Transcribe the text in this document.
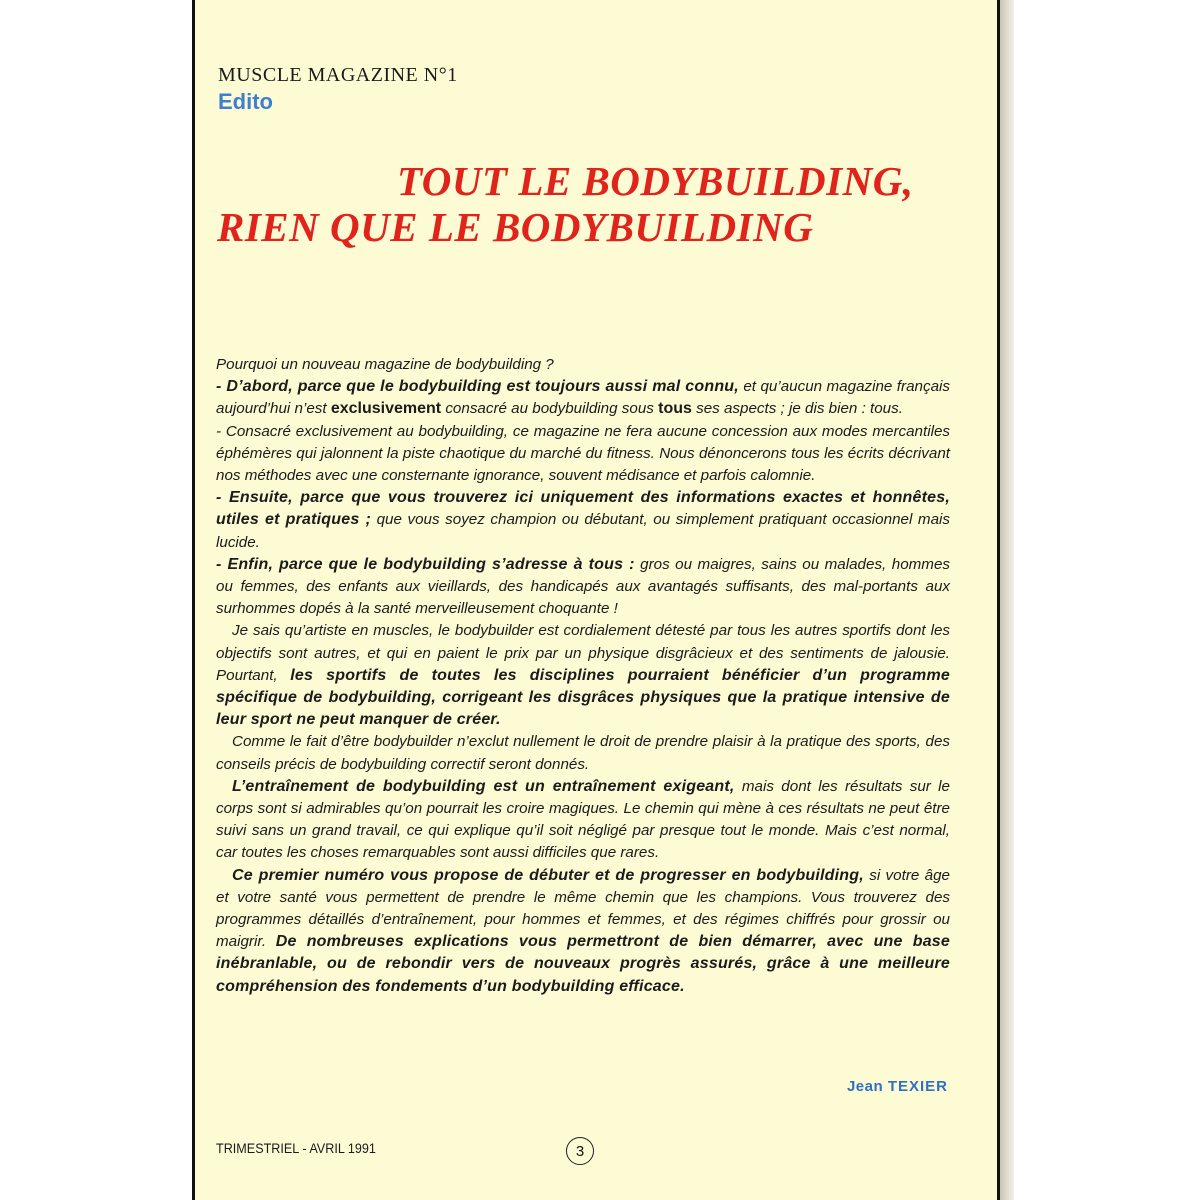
MUSCLE MAGAZINE N°1
Edito
TOUT LE BODYBUILDING,
RIEN QUE LE BODYBUILDING

Pourquoi un nouveau magazine de bodybuilding ?

- D’abord, parce que le bodybuilding est toujours aussi mal connu, et qu’aucun magazine français aujourd’hui n’est exclusivement consacré au bodybuilding sous tous ses aspects ; je dis bien : tous.

- Consacré exclusivement au bodybuilding, ce magazine ne fera aucune concession aux modes mercantiles éphémères qui jalonnent la piste chaotique du marché du fitness. Nous dénoncerons tous les écrits décrivant nos méthodes avec une consternante ignorance, souvent médisance et parfois calomnie.

- Ensuite, parce que vous trouverez ici uniquement des informations exactes et honnêtes, utiles et pratiques ; que vous soyez champion ou débutant, ou simplement pratiquant occasionnel mais lucide.

- Enfin, parce que le bodybuilding s’adresse à tous : gros ou maigres, sains ou malades, hommes ou femmes, des enfants aux vieillards, des handicapés aux avantagés suffisants, des mal-portants aux surhommes dopés à la santé merveilleusement choquante !

Je sais qu’artiste en muscles, le bodybuilder est cordialement détesté par tous les autres sportifs dont les objectifs sont autres, et qui en paient le prix par un physique disgrâcieux et des sentiments de jalousie. Pourtant, les sportifs de toutes les disciplines pourraient bénéficier d’un programme spécifique de bodybuilding, corrigeant les disgrâces physiques que la pratique intensive de leur sport ne peut manquer de créer.

Comme le fait d’être bodybuilder n’exclut nullement le droit de prendre plaisir à la pratique des sports, des conseils précis de bodybuilding correctif seront donnés.

L’entraînement de bodybuilding est un entraînement exigeant, mais dont les résultats sur le corps sont si admirables qu’on pourrait les croire magiques. Le chemin qui mène à ces résultats ne peut être suivi sans un grand travail, ce qui explique qu’il soit négligé par presque tout le monde. Mais c’est normal, car toutes les choses remarquables sont aussi difficiles que rares.

Ce premier numéro vous propose de débuter et de progresser en bodybuilding, si votre âge et votre santé vous permettent de prendre le même chemin que les champions. Vous trouverez des programmes détaillés d’entraînement, pour hommes et femmes, et des régimes chiffrés pour grossir ou maigrir. De nombreuses explications vous permettront de bien démarrer, avec une base inébranlable, ou de rebondir vers de nouveaux progrès assurés, grâce à une meilleure compréhension des fondements d’un bodybuilding efficace.

Jean TEXIER
TRIMESTRIEL - AVRIL 1991	3
